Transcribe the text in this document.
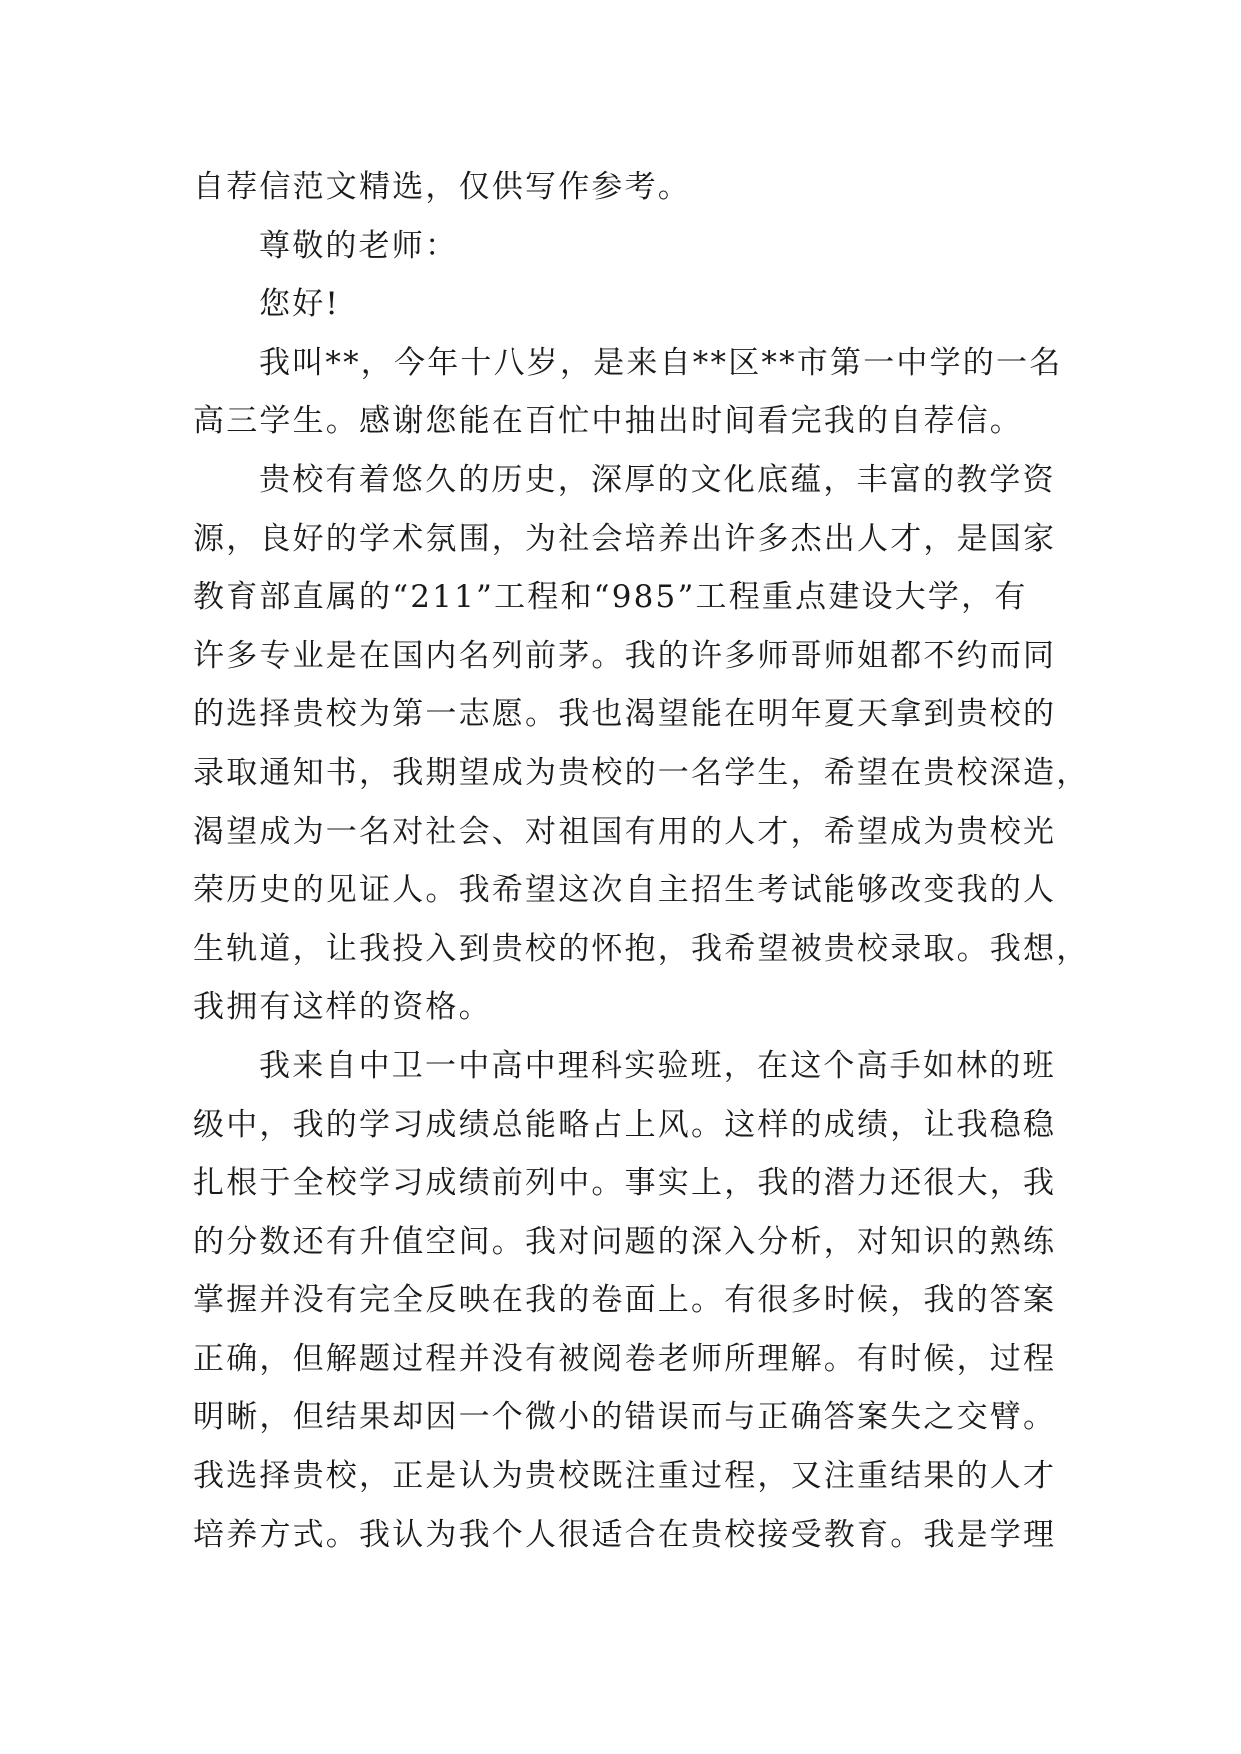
自荐信范文精选，仅供写作参考。
尊敬的老师：
您好!
我叫**，今年十八岁，是来自**区**市第一中学的一名
高三学生。感谢您能在百忙中抽出时间看完我的自荐信。
贵校有着悠久的历史，深厚的文化底蕴，丰富的教学资
源，良好的学术氛围，为社会培养出许多杰出人才，是国家
教育部直属的“211”工程和“985”工程重点建设大学，有
许多专业是在国内名列前茅。我的许多师哥师姐都不约而同
的选择贵校为第一志愿。我也渴望能在明年夏天拿到贵校的
录取通知书，我期望成为贵校的一名学生，希望在贵校深造，
渴望成为一名对社会、对祖国有用的人才，希望成为贵校光
荣历史的见证人。我希望这次自主招生考试能够改变我的人
生轨道，让我投入到贵校的怀抱，我希望被贵校录取。我想，
我拥有这样的资格。
我来自中卫一中高中理科实验班，在这个高手如林的班
级中，我的学习成绩总能略占上风。这样的成绩，让我稳稳
扎根于全校学习成绩前列中。事实上，我的潜力还很大，我
的分数还有升值空间。我对问题的深入分析，对知识的熟练
掌握并没有完全反映在我的卷面上。有很多时候，我的答案
正确，但解题过程并没有被阅卷老师所理解。有时候，过程
明晰，但结果却因一个微小的错误而与正确答案失之交臂。
我选择贵校，正是认为贵校既注重过程，又注重结果的人才
培养方式。我认为我个人很适合在贵校接受教育。我是学理
